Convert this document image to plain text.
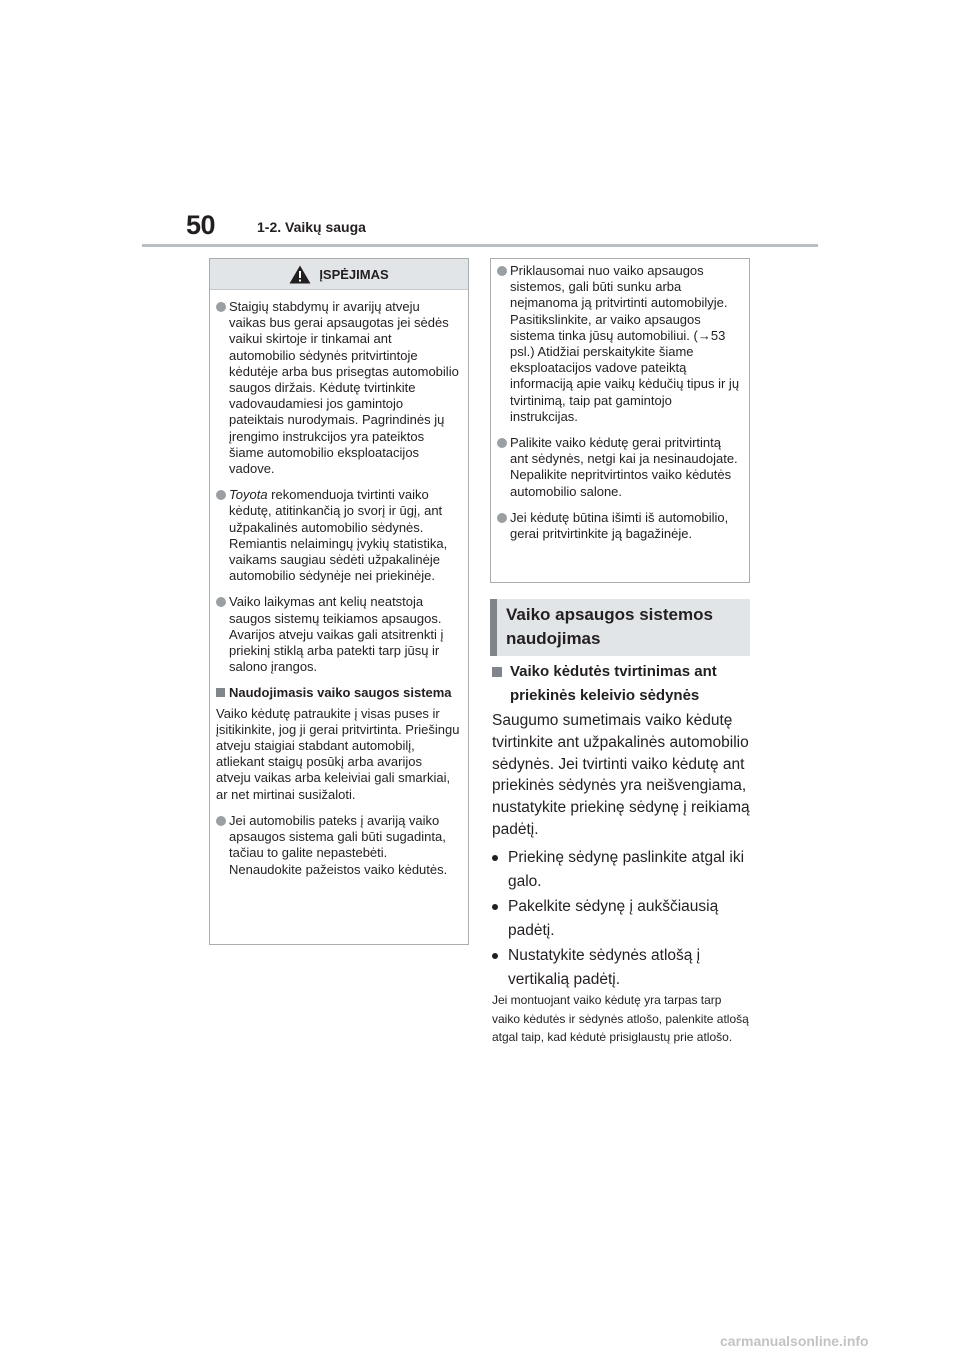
50	1-2. Vaikų sauga
ĮSPĖJIMAS
Staigių stabdymų ir avarijų atveju vaikas bus gerai apsaugotas jei sėdės vaikui skirtoje ir tinkamai ant automobilio sėdynės pritvirtintoje kėdutėje arba bus prisegtas automobilio saugos diržais. Kėdutę tvirtinkite vadovaudamiesi jos gamintojo pateiktais nurodymais. Pagrindinės jų įrengimo instrukcijos yra pateiktos šiame automobilio eksploatacijos vadove.
Toyota rekomenduoja tvirtinti vaiko kėdutę, atitinkančią jo svorį ir ūgį, ant užpakalinės automobilio sėdynės. Remiantis nelaimingų įvykių statistika, vaikams saugiau sėdėti užpakalinėje automobilio sėdynėje nei priekinėje.
Vaiko laikymas ant kelių neatstoja saugos sistemų teikiamos apsaugos. Avarijos atveju vaikas gali atsitrenkti į priekinį stiklą arba patekti tarp jūsų ir salono įrangos.
Naudojimasis vaiko saugos sistema
Vaiko kėdutę patraukite į visas puses ir įsitikinkite, jog ji gerai pritvirtinta. Priešingu atveju staigiai stabdant automobilį, atliekant staigų posūkį arba avarijos atveju vaikas arba keleiviai gali smarkiai, ar net mirtinai susižaloti.
Jei automobilis pateks į avariją vaiko apsaugos sistema gali būti sugadinta, tačiau to galite nepastebėti. Nenaudokite pažeistos vaiko kėdutės.
Priklausomai nuo vaiko apsaugos sistemos, gali būti sunku arba neįmanoma ją pritvirtinti automobilyje. Pasitikslinkite, ar vaiko apsaugos sistema tinka jūsų automobiliui. (→53 psl.) Atidžiai perskaitykite šiame eksploatacijos vadove pateiktą informaciją apie vaikų kėdučių tipus ir jų tvirtinimą, taip pat gamintojo instrukcijas.
Palikite vaiko kėdutę gerai pritvirtintą ant sėdynės, netgi kai ja nesinaudojate. Nepalikite nepritvirtintos vaiko kėdutės automobilio salone.
Jei kėdutę būtina išimti iš automobilio, gerai pritvirtinkite ją bagažinėje.
Vaiko apsaugos sistemos naudojimas
Vaiko kėdutės tvirtinimas ant priekinės keleivio sėdynės
Saugumo sumetimais vaiko kėdutę tvirtinkite ant užpakalinės automobilio sėdynės. Jei tvirtinti vaiko kėdutę ant priekinės sėdynės yra neišvengiama, nustatykite priekinę sėdynę į reikiamą padėtį.
Priekinę sėdynę paslinkite atgal iki galo.
Pakelkite sėdynę į aukščiausią padėtį.
Nustatykite sėdynės atlošą į vertikalią padėtį.
Jei montuojant vaiko kėdutę yra tarpas tarp vaiko kėdutės ir sėdynės atlošo, palenkite atlošą atgal taip, kad kėdutė prisiglaustų prie atlošo.
carmanualsonline.info
